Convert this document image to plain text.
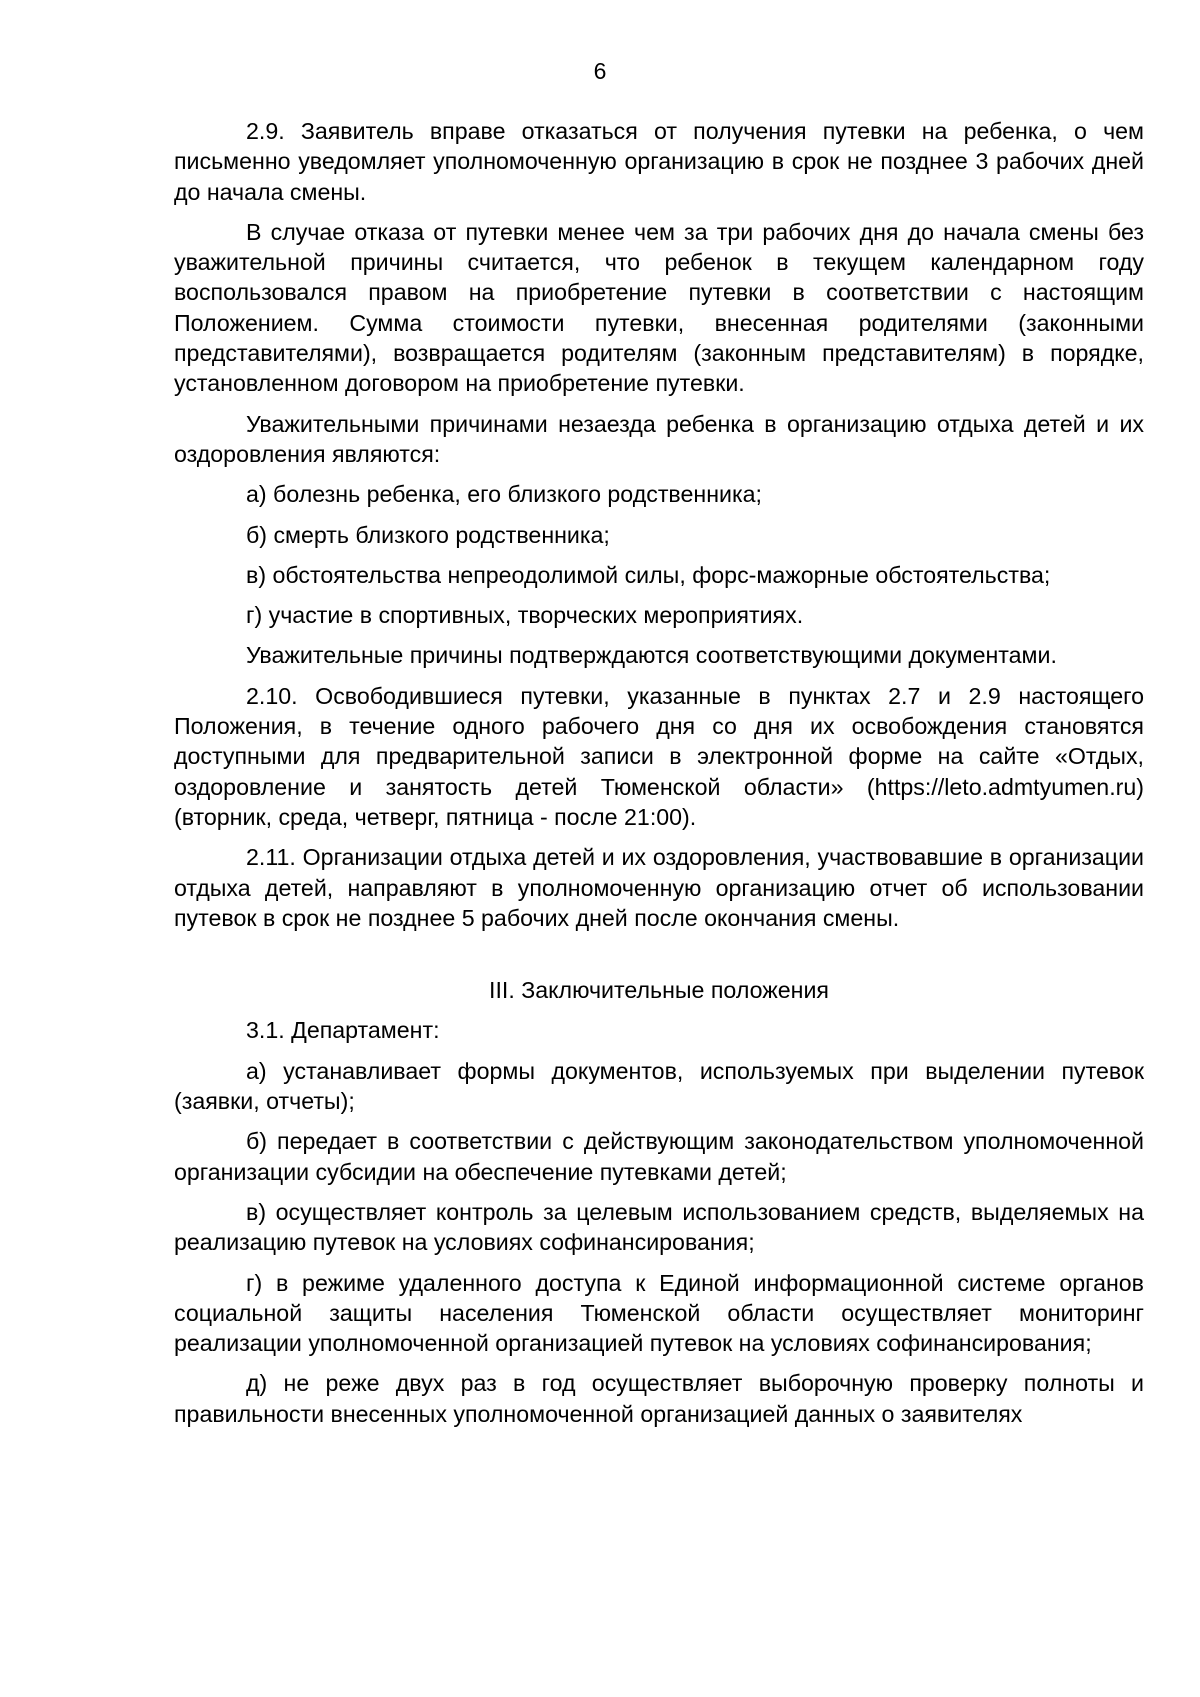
6

2.9. Заявитель вправе отказаться от получения путевки на ребенка, о чем письменно уведомляет уполномоченную организацию в срок не позднее 3 рабочих дней до начала смены.

В случае отказа от путевки менее чем за три рабочих дня до начала смены без уважительной причины считается, что ребенок в текущем календарном году воспользовался правом на приобретение путевки в соответствии с настоящим Положением. Сумма стоимости путевки, внесенная родителями (законными представителями), возвращается родителям (законным представителям) в порядке, установленном договором на приобретение путевки.

Уважительными причинами незаезда ребенка в организацию отдыха детей и их оздоровления являются:

а) болезнь ребенка, его близкого родственника;

б) смерть близкого родственника;

в) обстоятельства непреодолимой силы, форс-мажорные обстоятельства;

г) участие в спортивных, творческих мероприятиях.

Уважительные причины подтверждаются соответствующими документами.

2.10. Освободившиеся путевки, указанные в пунктах 2.7 и 2.9 настоящего Положения, в течение одного рабочего дня со дня их освобождения становятся доступными для предварительной записи в электронной форме на сайте «Отдых, оздоровление и занятость детей Тюменской области» (https://leto.admtyumen.ru) (вторник, среда, четверг, пятница - после 21:00).

2.11. Организации отдыха детей и их оздоровления, участвовавшие в организации отдыха детей, направляют в уполномоченную организацию отчет об использовании путевок в срок не позднее 5 рабочих дней после окончания смены.

III. Заключительные положения

3.1. Департамент:

а) устанавливает формы документов, используемых при выделении путевок (заявки, отчеты);

б) передает в соответствии с действующим законодательством уполномоченной организации субсидии на обеспечение путевками детей;

в) осуществляет контроль за целевым использованием средств, выделяемых на реализацию путевок на условиях софинансирования;

г) в режиме удаленного доступа к Единой информационной системе органов социальной защиты населения Тюменской области осуществляет мониторинг реализации уполномоченной организацией путевок на условиях софинансирования;

д) не реже двух раз в год осуществляет выборочную проверку полноты и правильности внесенных уполномоченной организацией данных о заявителях
